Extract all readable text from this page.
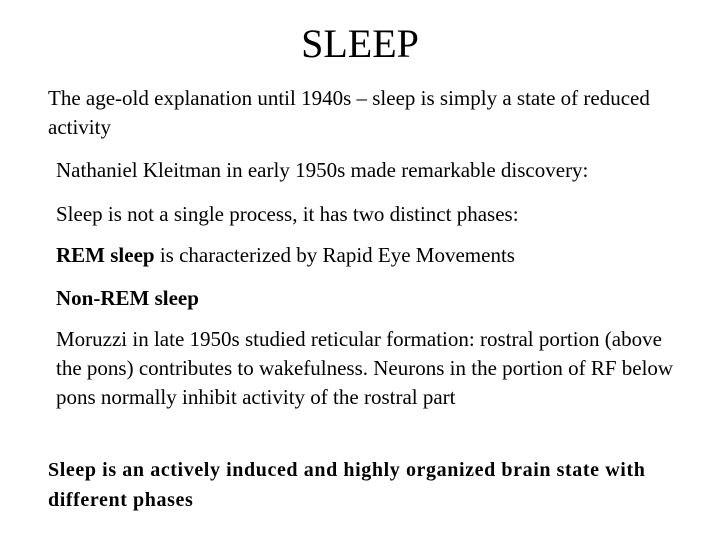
SLEEP
The age-old explanation until 1940s – sleep is simply a state of reduced activity
Nathaniel Kleitman in early 1950s made remarkable discovery:
Sleep is not a single process, it has two distinct phases:
REM sleep is characterized by Rapid Eye Movements
Non-REM sleep
Moruzzi in late 1950s studied reticular formation: rostral portion (above the pons) contributes to wakefulness. Neurons in the portion of RF below pons normally inhibit activity of the rostral part
Sleep is an actively induced and highly organized brain state with different phases
